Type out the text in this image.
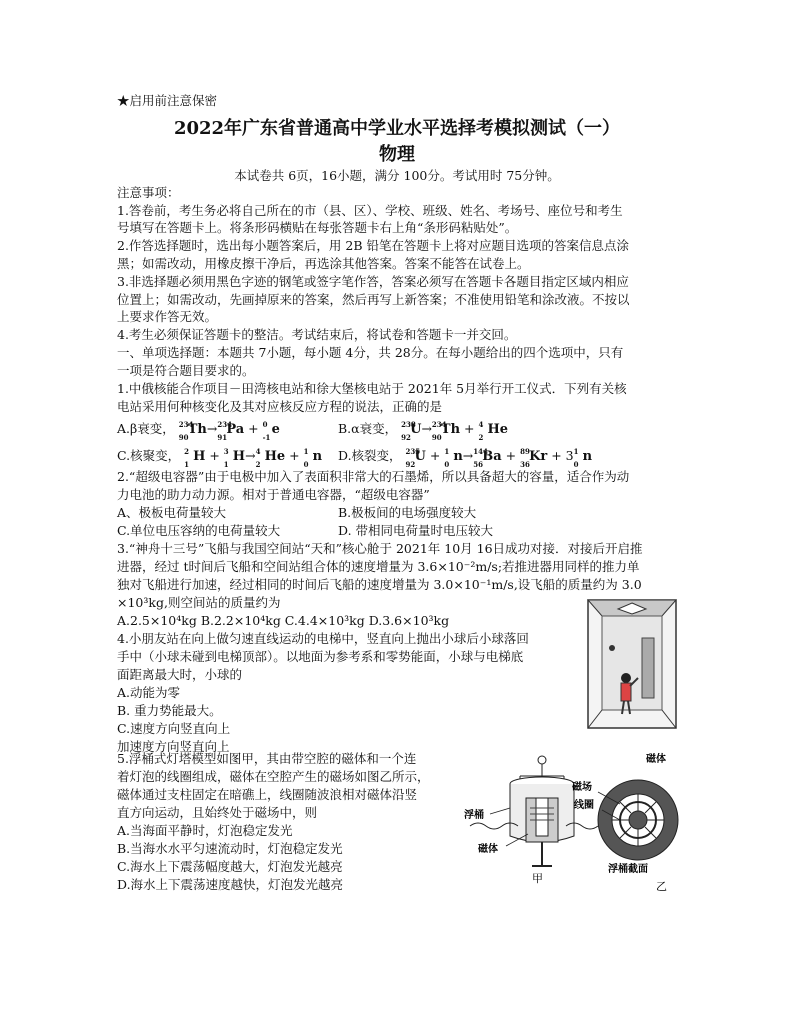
★启用前注意保密
2022年广东省普通高中学业水平选择考模拟测试（一）
物理
本试卷共 6页，16小题，满分 100分。考试用时 75分钟。
注意事项：
1.答卷前，考生务必将自己所在的市（县、区）、学校、班级、姓名、考场号、座位号和考生
号填写在答题卡上。将条形码横贴在每张答题卡右上角“条形码粘贴处”。
2.作答选择题时，选出每小题答案后，用 2B 铅笔在答题卡上将对应题目选项的答案信息点涂
黑；如需改动，用橡皮擦干净后，再选涂其他答案。答案不能答在试卷上。
3.非选择题必须用黑色字迹的钢笔或签字笔作答，答案必须写在答题卡各题目指定区域内相应
位置上；如需改动，先画掉原来的答案，然后再写上新答案；不准使用铅笔和涂改液。不按以
上要求作答无效。
4.考生必须保证答题卡的整洁。考试结束后，将试卷和答题卡一并交回。
一、单项选择题：本题共 7小题，每小题 4分，共 28分。在每小题给出的四个选项中，只有
一项是符合题目要求的。
1.中俄核能合作项目－田湾核电站和徐大堡核电站于 2021年 5月举行开工仪式．下列有关核
电站采用何种核变化及其对应核反应方程的说法，正确的是
A.β衰变， 234
90
Th→ 234
91
Pa + 0
-1
e	B.α衰变， 238
92
U→ 234
90
Th + 4
2
He
C.核聚变， 2
1
H + 3
1
H→ 4
2
He + 1
0
n D.核裂变， 235
92
U + 1
0
n→ 144
56
Ba + 89
36
Kr + 3 1
0
n
2.“超级电容器”由于电极中加入了表面积非常大的石墨烯，所以具备超大的容量，适合作为动
力电池的助力动力源。相对于普通电容器，“超级电容器”
A、极板电荷量较大	B.极板间的电场强度较大
C.单位电压容纳的电荷量较大	D. 带相同电荷量时电压较大
3.“神舟十三号”飞船与我国空间站“天和”核心舱于 2021年 10月 16日成功对接．对接后开启推
进器，经过 t时间后飞船和空间站组合体的速度增量为 3.6×10⁻²m/s;若推进器用同样的推力单
独对飞船进行加速，经过相同的时间后飞船的速度增量为 3.0×10⁻¹m/s,设飞船的质量约为 3.0
×10³kg,则空间站的质量约为
A.2.5×10⁴kg B.2.2×10⁴kg C.4.4×10³kg D.3.6×10³kg
4.小朋友站在向上做匀速直线运动的电梯中，竖直向上抛出小球后小球落回
手中（小球未碰到电梯顶部）。以地面为参考系和零势能面，小球与电梯底
面距离最大时，小球的
A.动能为零
B. 重力势能最大。
C.速度方向竖直向上
加速度方向竖直向上
5.浮桶式灯塔模型如图甲，其由带空腔的磁体和一个连
着灯泡的线圈组成，磁体在空腔产生的磁场如图乙所示，
磁体通过支柱固定在暗礁上，线圈随波浪相对磁体沿竖
直方向运动，且始终处于磁场中，则
A.当海面平静时，灯泡稳定发光
B.当海水水平匀速流动时，灯泡稳定发光
C.海水上下震荡幅度越大，灯泡发光越亮
D.海水上下震荡速度越快，灯泡发光越亮
浮桶
磁体
甲
磁体
磁场
线圈
浮桶截面
乙
